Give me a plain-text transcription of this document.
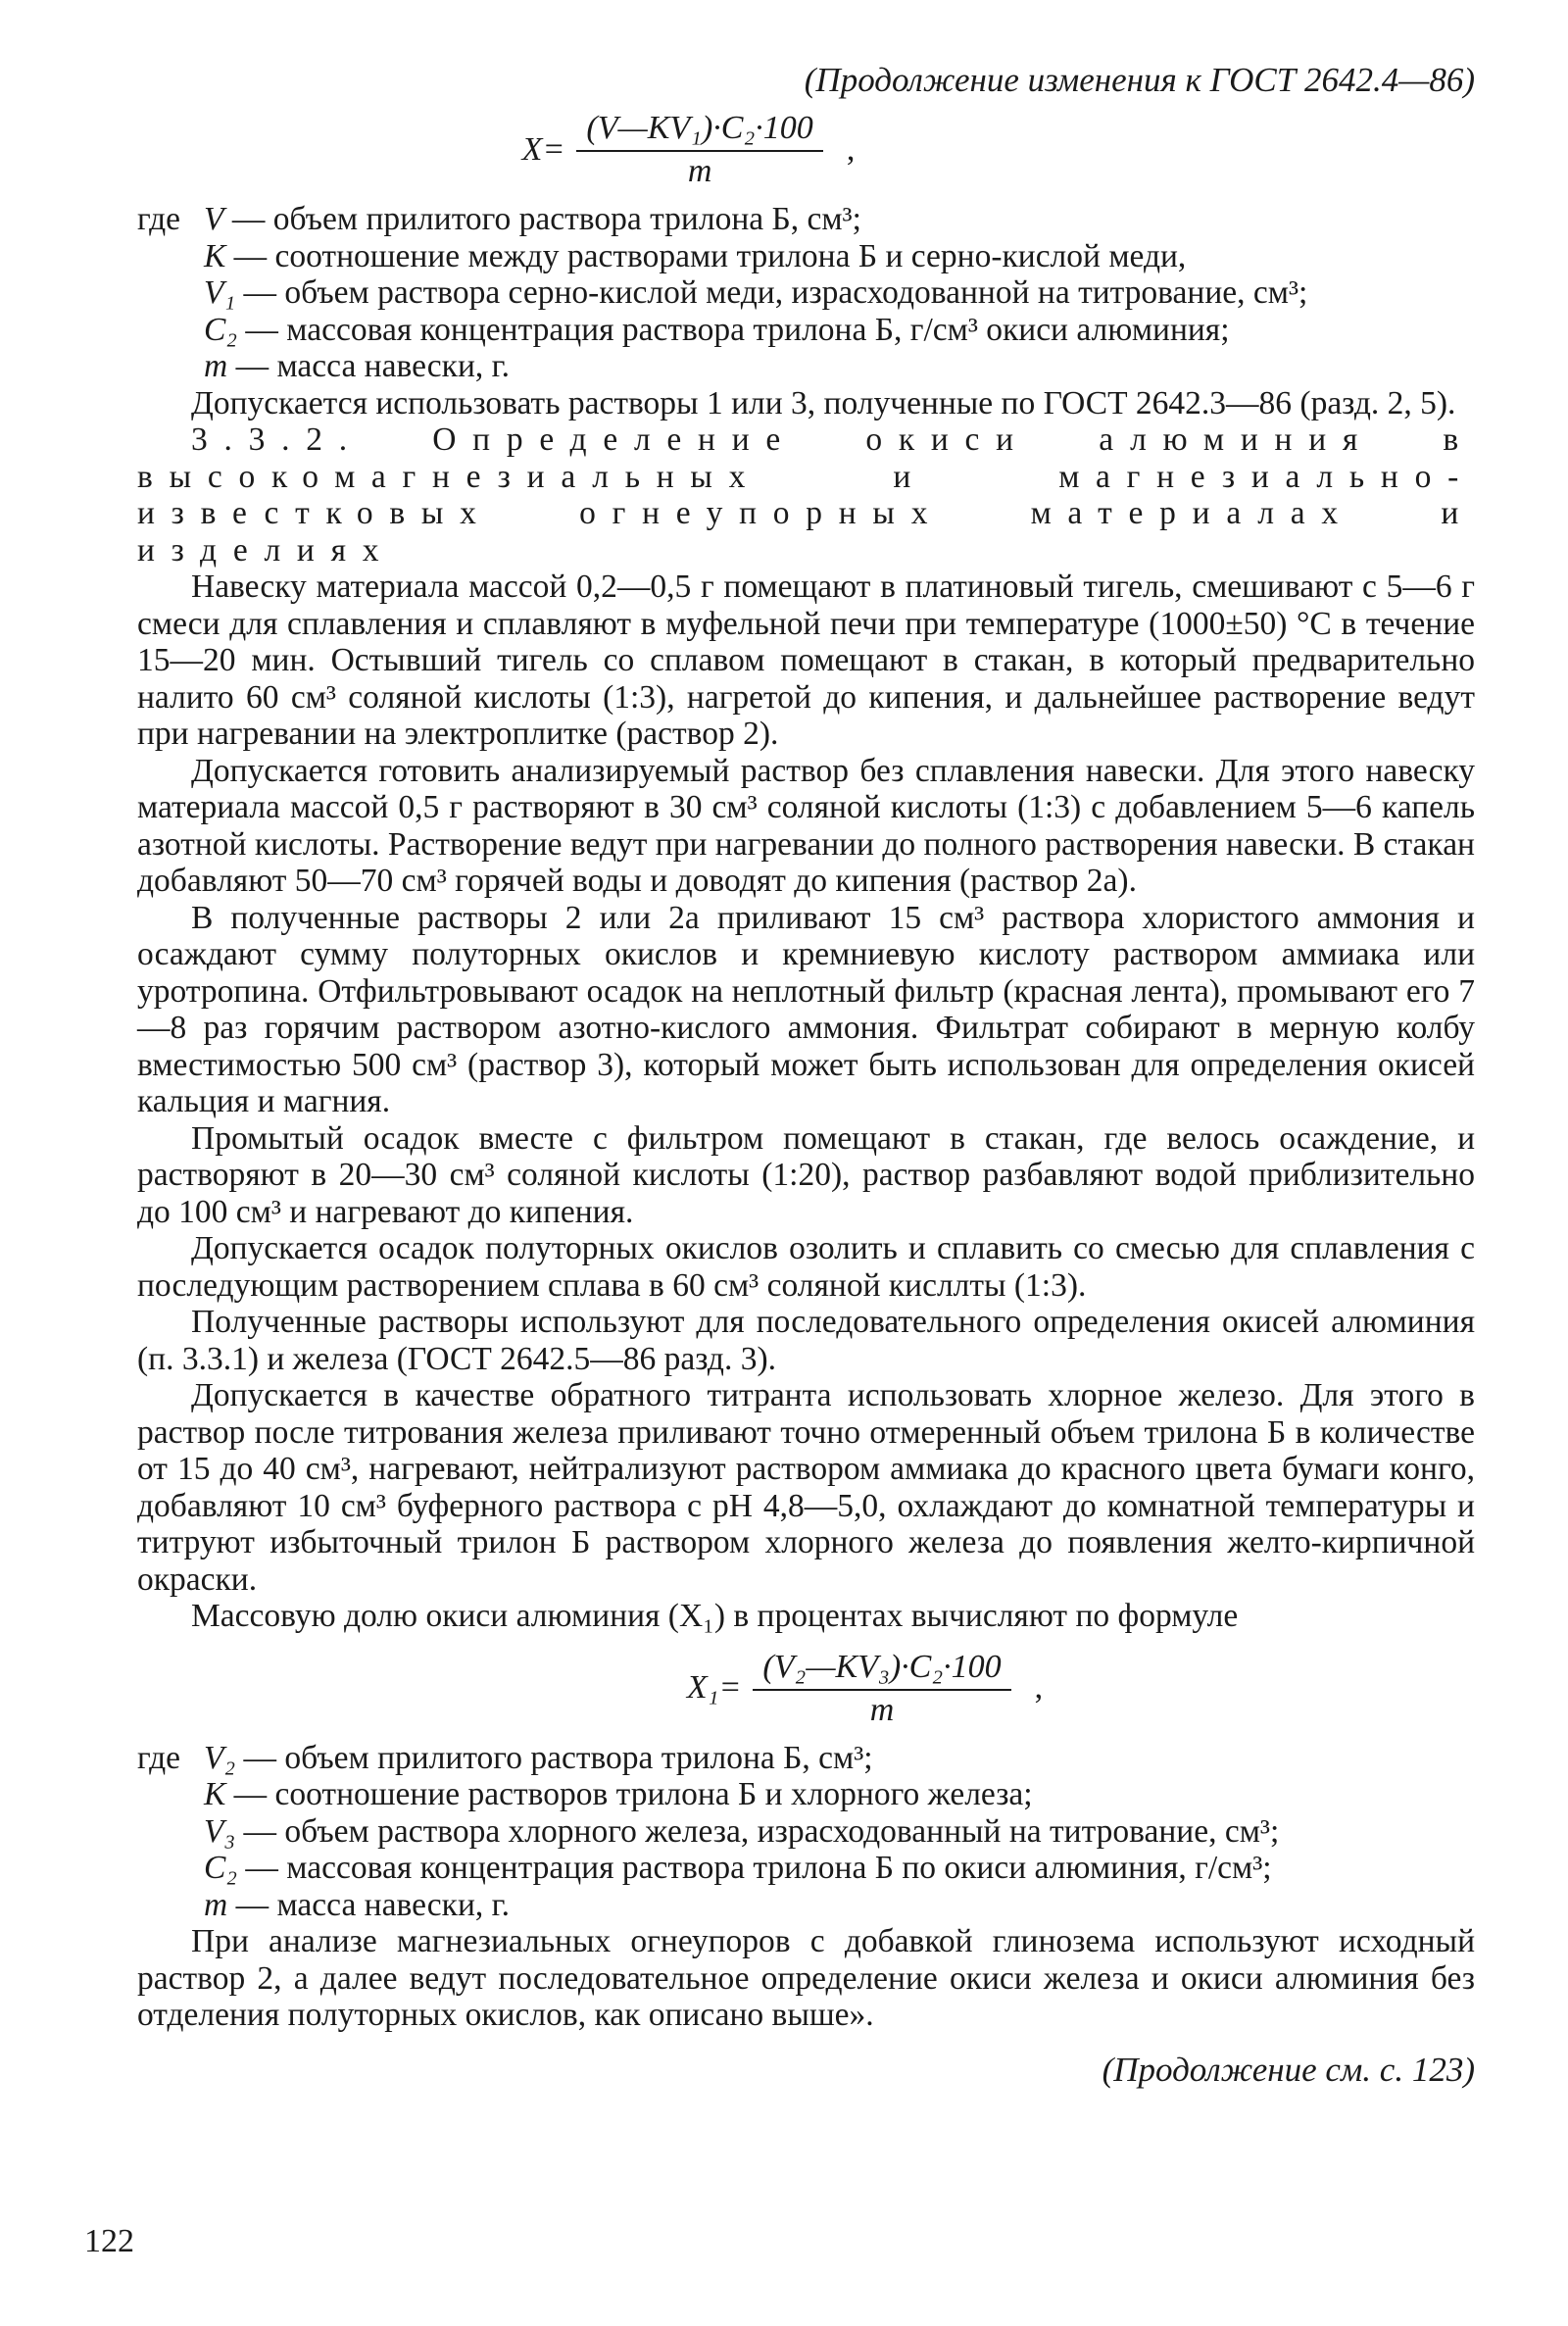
(Продолжение изменения к ГОСТ 2642.4—86)
$X= \frac{\text{(V—KV₁)·C₂·100}}{m}$ ,
где V — объем прилитого раствора трилона Б, см³;
К — соотношение между растворами трилона Б и серно-кислой меди,
V₁ — объем раствора серно-кислой меди, израсходованной на титрование, см³;
C₂ — массовая концентрация раствора трилона Б, г/см³ окиси алюминия;
m — масса навески, г.

Допускается использовать растворы 1 или 3, полученные по ГОСТ 2642.3—86 (разд. 2, 5).

3.3.2. Определение окиси алюминия в высокомагнезиальных и магнезиально-известковых огнеупорных материалах и изделиях

Навеску материала массой 0,2—0,5 г помещают в платиновый тигель, смешивают с 5—6 г смеси для сплавления и сплавляют в муфельной печи при температуре (1000±50) °С в течение 15—20 мин. Остывший тигель со сплавом помещают в стакан, в который предварительно налито 60 см³ соляной кислоты (1:3), нагретой до кипения, и дальнейшее растворение ведут при нагревании на электроплитке (раствор 2).

Допускается готовить анализируемый раствор без сплавления навески. Для этого навеску материала массой 0,5 г растворяют в 30 см³ соляной кислоты (1:3) с добавлением 5—6 капель азотной кислоты. Растворение ведут при нагревании до полного растворения навески. В стакан добавляют 50—70 см³ горячей воды и доводят до кипения (раствор 2а).

В полученные растворы 2 или 2а приливают 15 см³ раствора хлористого аммония и осаждают сумму полуторных окислов и кремниевую кислоту раствором аммиака или уротропина. Отфильтровывают осадок на неплотный фильтр (красная лента), промывают его 7—8 раз горячим раствором азотно-кислого аммония. Фильтрат собирают в мерную колбу вместимостью 500 см³ (раствор 3), который может быть использован для определения окисей кальция и магния.

Промытый осадок вместе с фильтром помещают в стакан, где велось осаждение, и растворяют в 20—30 см³ соляной кислоты (1:20), раствор разбавляют водой приблизительно до 100 см³ и нагревают до кипения.

Допускается осадок полуторных окислов озолить и сплавить со смесью для сплавления с последующим растворением сплава в 60 см³ соляной кисллты (1:3).

Полученные растворы используют для последовательного определения окисей алюминия (п. 3.3.1) и железа (ГОСТ 2642.5—86 разд. 3).

Допускается в качестве обратного титранта использовать хлорное железо. Для этого в раствор после титрования железа приливают точно отмеренный объем трилона Б в количестве от 15 до 40 см³, нагревают, нейтрализуют раствором аммиака до красного цвета бумаги конго, добавляют 10 см³ буферного раствора с pH 4,8—5,0, охлаждают до комнатной температуры и титруют избыточный трилон Б раствором хлорного железа до появления желто-кирпичной окраски.

Массовую долю окиси алюминия (X₁) в процентах вычисляют по формуле

$X_1= \frac{\text{(V₂—KV₃)·C₂·100}}{m}$ ,
где V₂ — объем прилитого раствора трилона Б, см³;
К — соотношение растворов трилона Б и хлорного железа;
V₃ — объем раствора хлорного железа, израсходованный на титрование, см³;
C₂ — массовая концентрация раствора трилона Б по окиси алюминия, г/см³;
m — масса навески, г.

При анализе магнезиальных огнеупоров с добавкой глинозема используют исходный раствор 2, а далее ведут последовательное определение окиси железа и окиси алюминия без отделения полуторных окислов, как описано выше».

(Продолжение см. с. 123)
122
